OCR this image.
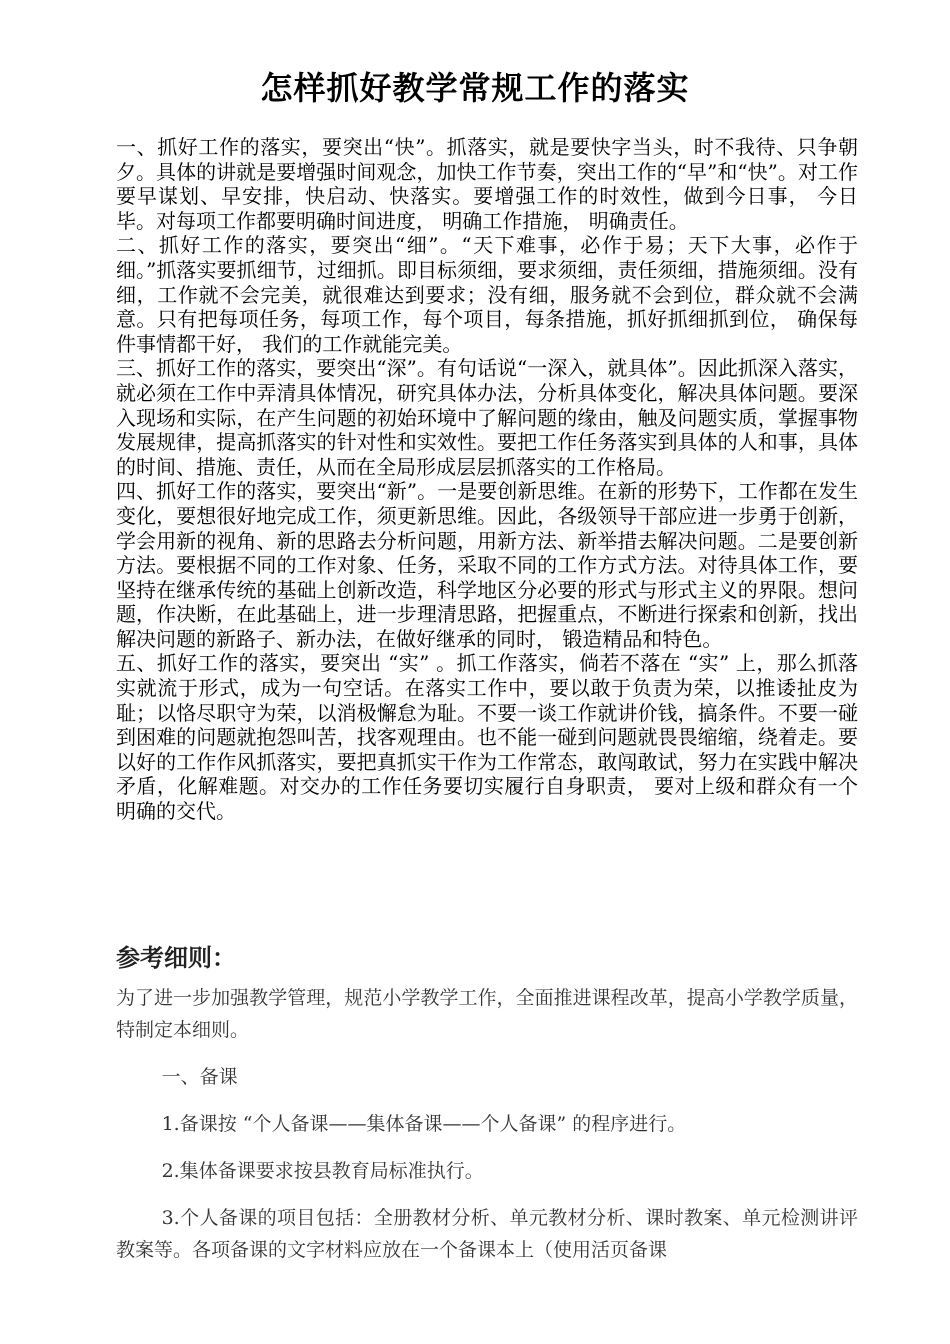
怎样抓好教学常规工作的落实

一、抓好工作的落实，要突出“快”。抓落实，就是要快字当头，时不我待、只争朝夕。具体的讲就是要增强时间观念，加快工作节奏，突出工作的“早”和“快”。对工作要早谋划、早安排，快启动、快落实。要增强工作的时效性，做到今日事， 今日毕。对每项工作都要明确时间进度， 明确工作措施， 明确责任。

二、抓好工作的落实，要突出“细”。“天下难事，必作于易；天下大事，必作于细。”抓落实要抓细节，过细抓。即目标须细，要求须细，责任须细，措施须细。没有细，工作就不会完美，就很难达到要求；没有细，服务就不会到位，群众就不会满意。只有把每项任务，每项工作，每个项目，每条措施，抓好抓细抓到位， 确保每件事情都干好， 我们的工作就能完美。

三、抓好工作的落实，要突出“深”。有句话说“一深入，就具体”。因此抓深入落实，就必须在工作中弄清具体情况，研究具体办法，分析具体变化，解决具体问题。要深入现场和实际，在产生问题的初始环境中了解问题的缘由，触及问题实质，掌握事物发展规律，提高抓落实的针对性和实效性。要把工作任务落实到具体的人和事，具体的时间、措施、责任，从而在全局形成层层抓落实的工作格局。

四、抓好工作的落实，要突出“新”。一是要创新思维。在新的形势下，工作都在发生变化，要想很好地完成工作，须更新思维。因此，各级领导干部应进一步勇于创新，学会用新的视角、新的思路去分析问题，用新方法、新举措去解决问题。二是要创新方法。要根据不同的工作对象、任务，采取不同的工作方式方法。对待具体工作，要坚持在继承传统的基础上创新改造，科学地区分必要的形式与形式主义的界限。想问题，作决断，在此基础上，进一步理清思路，把握重点，不断进行探索和创新，找出解决问题的新路子、新办法，在做好继承的同时， 锻造精品和特色。

五、抓好工作的落实，要突出 “实” 。抓工作落实，倘若不落在 “实” 上，那么抓落实就流于形式，成为一句空话。在落实工作中，要以敢于负责为荣，以推诿扯皮为耻；以恪尽职守为荣，以消极懈怠为耻。不要一谈工作就讲价钱，搞条件。不要一碰到困难的问题就抱怨叫苦，找客观理由。也不能一碰到问题就畏畏缩缩，绕着走。要以好的工作作风抓落实，要把真抓实干作为工作常态，敢闯敢试，努力在实践中解决矛盾，化解难题。对交办的工作任务要切实履行自身职责， 要对上级和群众有一个明确的交代。

参考细则：

为了进一步加强教学管理，规范小学教学工作，全面推进课程改革，提高小学教学质量， 特制定本细则。

一、备课

1.备课按 “个人备课——集体备课——个人备课” 的程序进行。

2.集体备课要求按县教育局标准执行。

3.个人备课的项目包括：全册教材分析、单元教材分析、课时教案、单元检测讲评教案等。各项备课的文字材料应放在一个备课本上（使用活页备课
